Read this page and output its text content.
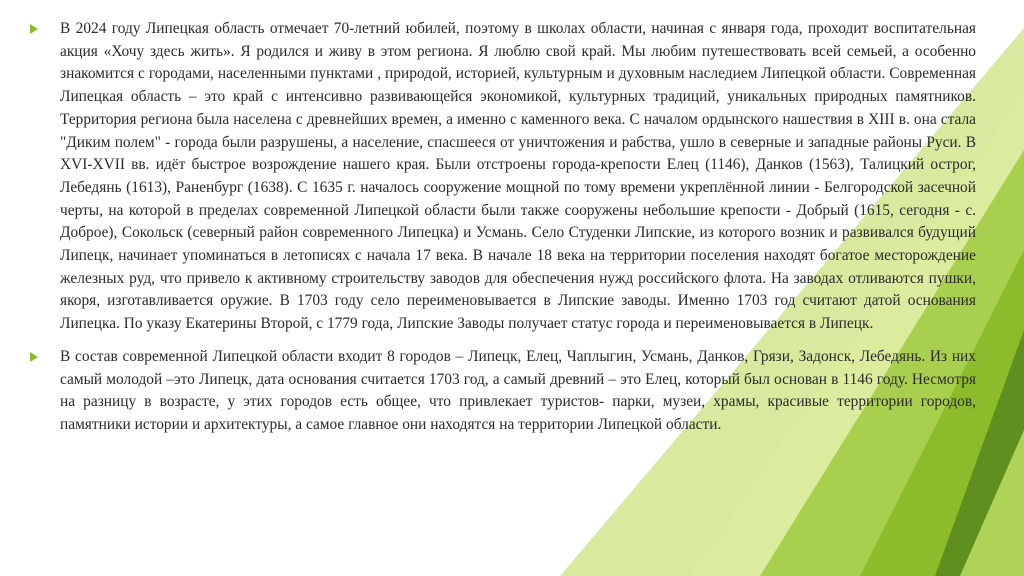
В 2024 году Липецкая область отмечает 70-летний юбилей, поэтому в школах области, начиная с января года, проходит воспитательная акция «Хочу здесь жить». Я родился и живу в этом регионa. Я люблю свой край. Мы любим путешествовать всей семьей, а особенно знакомится с городами, населенными пунктами , природой, историей, культурным и духовным наследием Липецкой области. Современная Липецкая область – это край с интенсивно развивающейся экономикой, культурных традиций, уникальных природных памятников. Территория региона была населена с древнейших времен, а именно с каменного века. С началом ордынского нашествия в XIII в. она стала "Диким полем" - города были разрушены, а население, спасшееся от уничтожения и рабства, ушло в северные и западные районы Руси. В XVI-XVII вв. идёт быстрое возрождение нашего края. Были отстроены города-крепости Елец (1146), Данков (1563), Талицкий острог, Лебедянь (1613), Раненбург (1638). С 1635 г. началось сооружение мощной по тому времени укреплённой линии - Белгородской засечной черты, на которой в пределах современной Липецкой области были также сооружены небольшие крепости - Добрый (1615, сегодня - с. Доброе), Сокольск (северный район современного Липецка) и Усмань. Село Студенки Липские, из которого возник и развивался будущий Липецк, начинает упоминаться в летописях с начала 17 века. В начале 18 века на территории поселения находят богатое месторождение железных руд, что привело к активному строительству заводов для обеспечения нужд российского флота. На заводах отливаются пушки, якоря, изготавливается оружие. В 1703 году село переименовывается в Липские заводы. Именно 1703 год считают датой основания Липецка. По указу Екатерины Второй, с 1779 года, Липские Заводы получает статус города и переименовывается в Липецк.
В состав современной Липецкой области входит 8 городов – Липецк, Елец, Чаплыгин, Усмань, Данков, Грязи, Задонск, Лебедянь. Из них самый молодой –это Липецк, дата основания считается 1703 год, а самый древний – это Елец, который был основан в 1146 году. Несмотря на разницу в возрасте, у этих городов есть общее, что привлекает туристов- парки, музеи, храмы, красивые территории городов, памятники истории и архитектуры, а самое главное они находятся на территории Липецкой области.
